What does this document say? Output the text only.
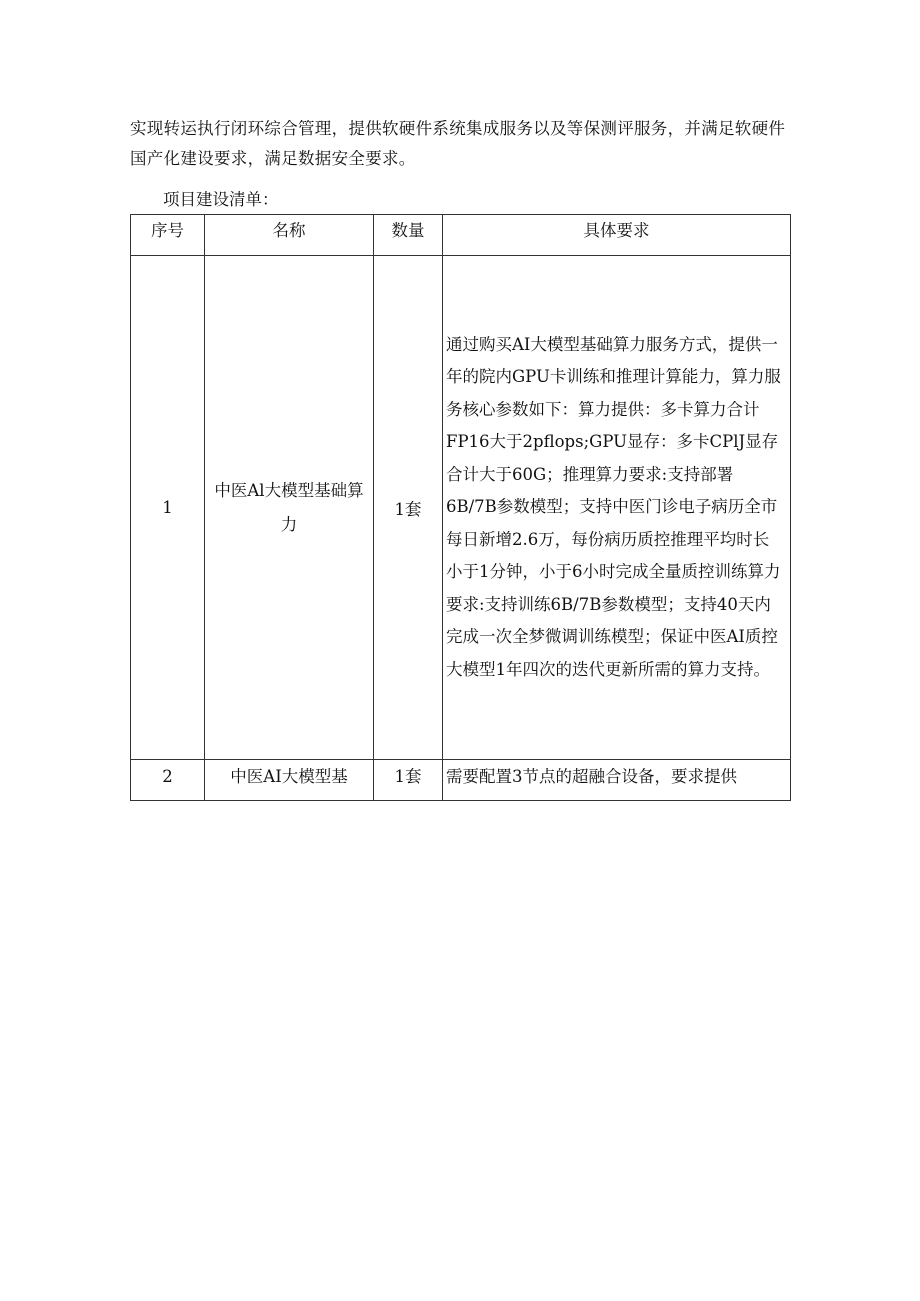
实现转运执行闭环综合管理，提供软硬件系统集成服务以及等保测评服务，并满足软硬件

国产化建设要求，满足数据安全要求。

项目建设清单：
序号	名称	数量	具体要求
1	中医Al大模型基础算力	1套	通过购买AI大模型基础算力服务方式，提供一年的院内GPU卡训练和推理计算能力，算力服务核心参数如下：算力提供：多卡算力合计FP16大于2pflops;GPU显存：多卡CPlJ显存合计大于60G；推理算力要求:支持部署6B/7B参数模型；支持中医门诊电子病历全市每日新增2.6万，每份病历质控推理平均时长小于1分钟，小于6小时完成全量质控训练算力要求:支持训练6B/7B参数模型；支持40天内完成一次全梦微调训练模型；保证中医AI质控大模型1年四次的迭代更新所需的算力支持。
2	中医AI大模型基	1套	需要配置3节点的超融合设备，要求提供
